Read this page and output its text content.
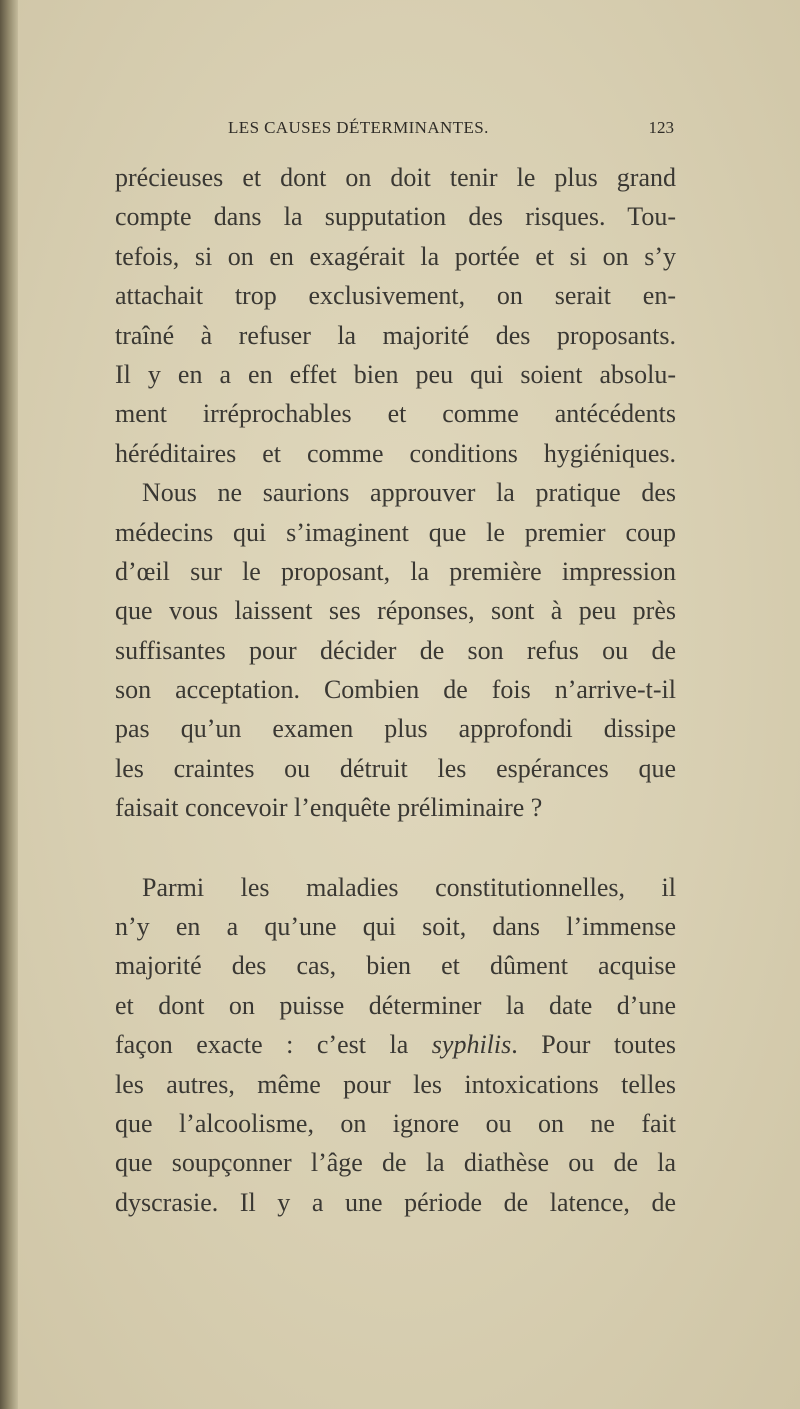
LES CAUSES DÉTERMINANTES.	123
précieuses et dont on doit tenir le plus grand
compte dans la supputation des risques. Tou-
tefois, si on en exagérait la portée et si on s’y
attachait trop exclusivement, on serait en-
traîné à refuser la majorité des proposants.
Il y en a en effet bien peu qui soient absolu-
ment irréprochables et comme antécédents
héréditaires et comme conditions hygiéniques.
Nous ne saurions approuver la pratique des
médecins qui s’imaginent que le premier coup
d’œil sur le proposant, la première impression
que vous laissent ses réponses, sont à peu près
suffisantes pour décider de son refus ou de
son acceptation. Combien de fois n’arrive-t-il
pas qu’un examen plus approfondi dissipe
les craintes ou détruit les espérances que
faisait concevoir l’enquête préliminaire ?
Parmi les maladies constitutionnelles, il
n’y en a qu’une qui soit, dans l’immense
majorité des cas, bien et dûment acquise
et dont on puisse déterminer la date d’une
façon exacte : c’est la syphilis. Pour toutes
les autres, même pour les intoxications telles
que l’alcoolisme, on ignore ou on ne fait
que soupçonner l’âge de la diathèse ou de la
dyscrasie. Il y a une période de latence, de
